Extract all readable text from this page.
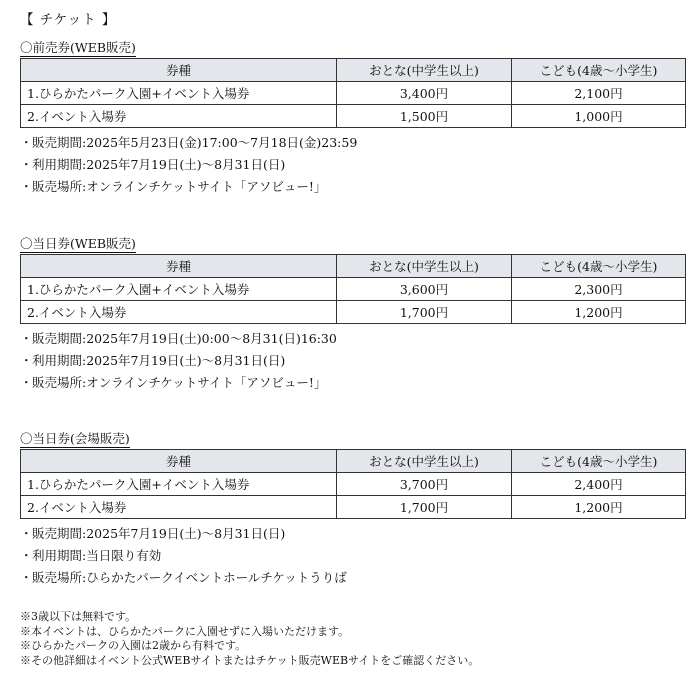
【 チケット 】
〇前売券(WEB販売)
券種	おとな(中学生以上)	こども(4歳〜小学生)
1.ひらかたパーク入園+イベント入場券	3,400円	2,100円
2.イベント入場券	1,500円	1,000円
・販売期間:2025年5月23日(金)17:00〜7月18日(金)23:59
・利用期間:2025年7月19日(土)〜8月31日(日)
・販売場所:オンラインチケットサイト「アソビュー!」
〇当日券(WEB販売)
券種	おとな(中学生以上)	こども(4歳〜小学生)
1.ひらかたパーク入園+イベント入場券	3,600円	2,300円
2.イベント入場券	1,700円	1,200円
・販売期間:2025年7月19日(土)0:00〜8月31(日)16:30
・利用期間:2025年7月19日(土)〜8月31日(日)
・販売場所:オンラインチケットサイト「アソビュー!」
〇当日券(会場販売)
券種	おとな(中学生以上)	こども(4歳〜小学生)
1.ひらかたパーク入園+イベント入場券	3,700円	2,400円
2.イベント入場券	1,700円	1,200円
・販売期間:2025年7月19日(土)〜8月31日(日)
・利用期間:当日限り有効
・販売場所:ひらかたパークイベントホールチケットうりば
※3歳以下は無料です。
※本イベントは、ひらかたパークに入園せずに入場いただけます。
※ひらかたパークの入園は2歳から有料です。
※その他詳細はイベント公式WEBサイトまたはチケット販売WEBサイトをご確認ください。
